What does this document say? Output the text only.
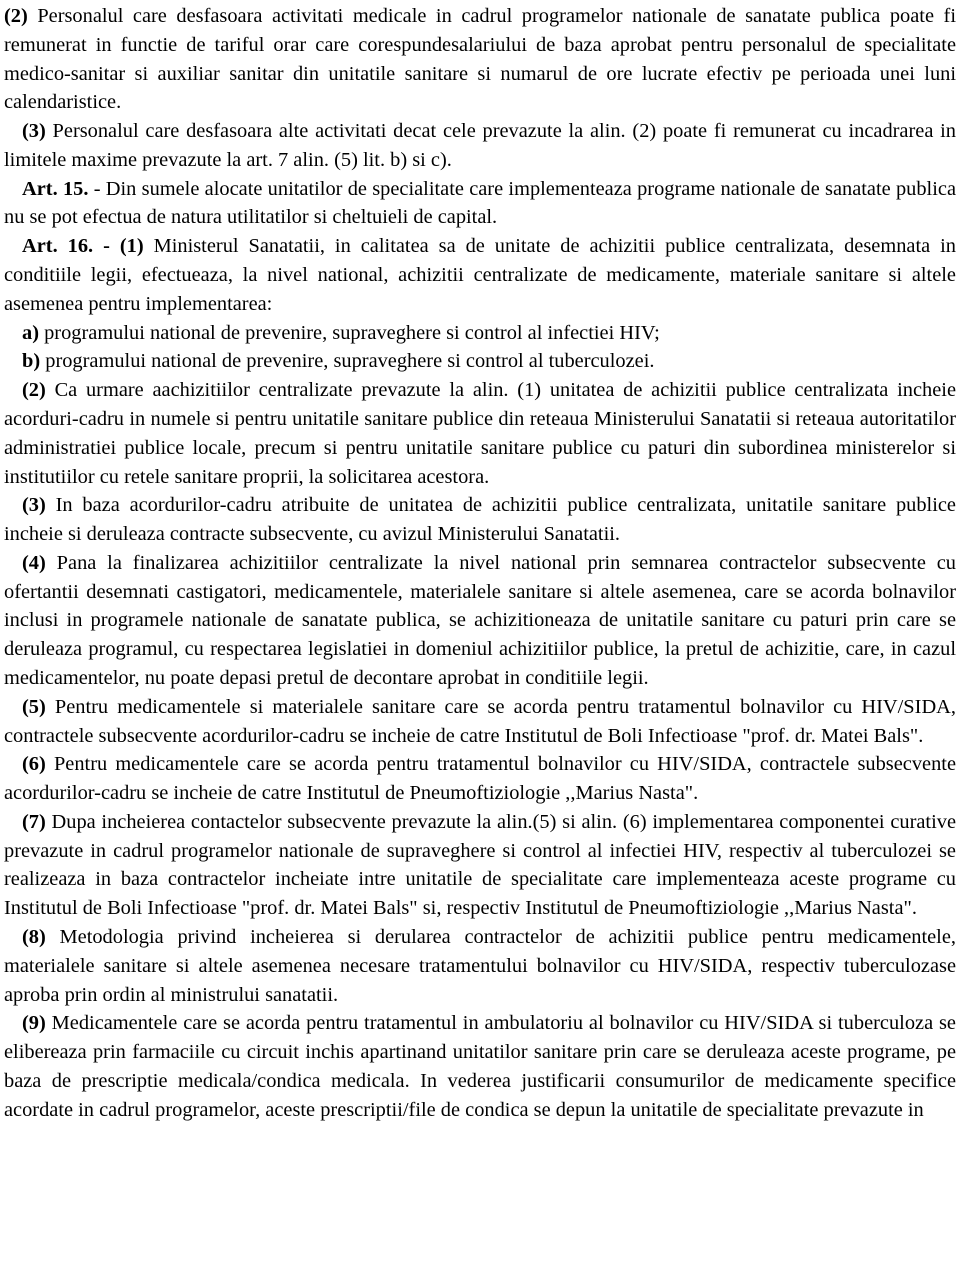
(2) Personalul care desfasoara activitati medicale in cadrul programelor nationale de sanatate publica poate fi remunerat in functie de tariful orar care corespundesalariului de baza aprobat pentru personalul de specialitate medico-sanitar si auxiliar sanitar din unitatile sanitare si numarul de ore lucrate efectiv pe perioada unei luni calendaristice.

(3) Personalul care desfasoara alte activitati decat cele prevazute la alin. (2) poate fi remunerat cu incadrarea in limitele maxime prevazute la art. 7 alin. (5) lit. b) si c).

Art. 15. - Din sumele alocate unitatilor de specialitate care implementeaza programe nationale de sanatate publica nu se pot efectua de natura utilitatilor si cheltuieli de capital.

Art. 16. - (1) Ministerul Sanatatii, in calitatea sa de unitate de achizitii publice centralizata, desemnata in conditiile legii, efectueaza, la nivel national, achizitii centralizate de medicamente, materiale sanitare si altele asemenea pentru implementarea:

a) programului national de prevenire, supraveghere si control al infectiei HIV;

b) programului national de prevenire, supraveghere si control al tuberculozei.

(2) Ca urmare aachizitiilor centralizate prevazute la alin. (1) unitatea de achizitii publice centralizata incheie acorduri-cadru in numele si pentru unitatile sanitare publice din reteaua Ministerului Sanatatii si reteaua autoritatilor administratiei publice locale, precum si pentru unitatile sanitare publice cu paturi din subordinea ministerelor si institutiilor cu retele sanitare proprii, la solicitarea acestora.

(3) In baza acordurilor-cadru atribuite de unitatea de achizitii publice centralizata, unitatile sanitare publice incheie si deruleaza contracte subsecvente, cu avizul Ministerului Sanatatii.

(4) Pana la finalizarea achizitiilor centralizate la nivel national prin semnarea contractelor subsecvente cu ofertantii desemnati castigatori, medicamentele, materialele sanitare si altele asemenea, care se acorda bolnavilor inclusi in programele nationale de sanatate publica, se achizitioneaza de unitatile sanitare cu paturi prin care se deruleaza programul, cu respectarea legislatiei in domeniul achizitiilor publice, la pretul de achizitie, care, in cazul medicamentelor, nu poate depasi pretul de decontare aprobat in conditiile legii.

(5) Pentru medicamentele si materialele sanitare care se acorda pentru tratamentul bolnavilor cu HIV/SIDA, contractele subsecvente acordurilor-cadru se incheie de catre Institutul de Boli Infectioase "prof. dr. Matei Bals".

(6) Pentru medicamentele care se acorda pentru tratamentul bolnavilor cu HIV/SIDA, contractele subsecvente acordurilor-cadru se incheie de catre Institutul de Pneumoftiziologie ,,Marius Nasta".

(7) Dupa incheierea contactelor subsecvente prevazute la alin.(5) si alin. (6) implementarea componentei curative prevazute in cadrul programelor nationale de supraveghere si control al infectiei HIV, respectiv al tuberculozei se realizeaza in baza contractelor incheiate intre unitatile de specialitate care implementeaza aceste programe cu Institutul de Boli Infectioase "prof. dr. Matei Bals" si, respectiv Institutul de Pneumoftiziologie ,,Marius Nasta".

(8) Metodologia privind incheierea si derularea contractelor de achizitii publice pentru medicamentele, materialele sanitare si altele asemenea necesare tratamentului bolnavilor cu HIV/SIDA, respectiv tuberculozase aproba prin ordin al ministrului sanatatii.

(9) Medicamentele care se acorda pentru tratamentul in ambulatoriu al bolnavilor cu HIV/SIDA si tuberculoza se elibereaza prin farmaciile cu circuit inchis apartinand unitatilor sanitare prin care se deruleaza aceste programe, pe baza de prescriptie medicala/condica medicala. In vederea justificarii consumurilor de medicamente specifice acordate in cadrul programelor, aceste prescriptii/file de condica se depun la unitatile de specialitate prevazute in
